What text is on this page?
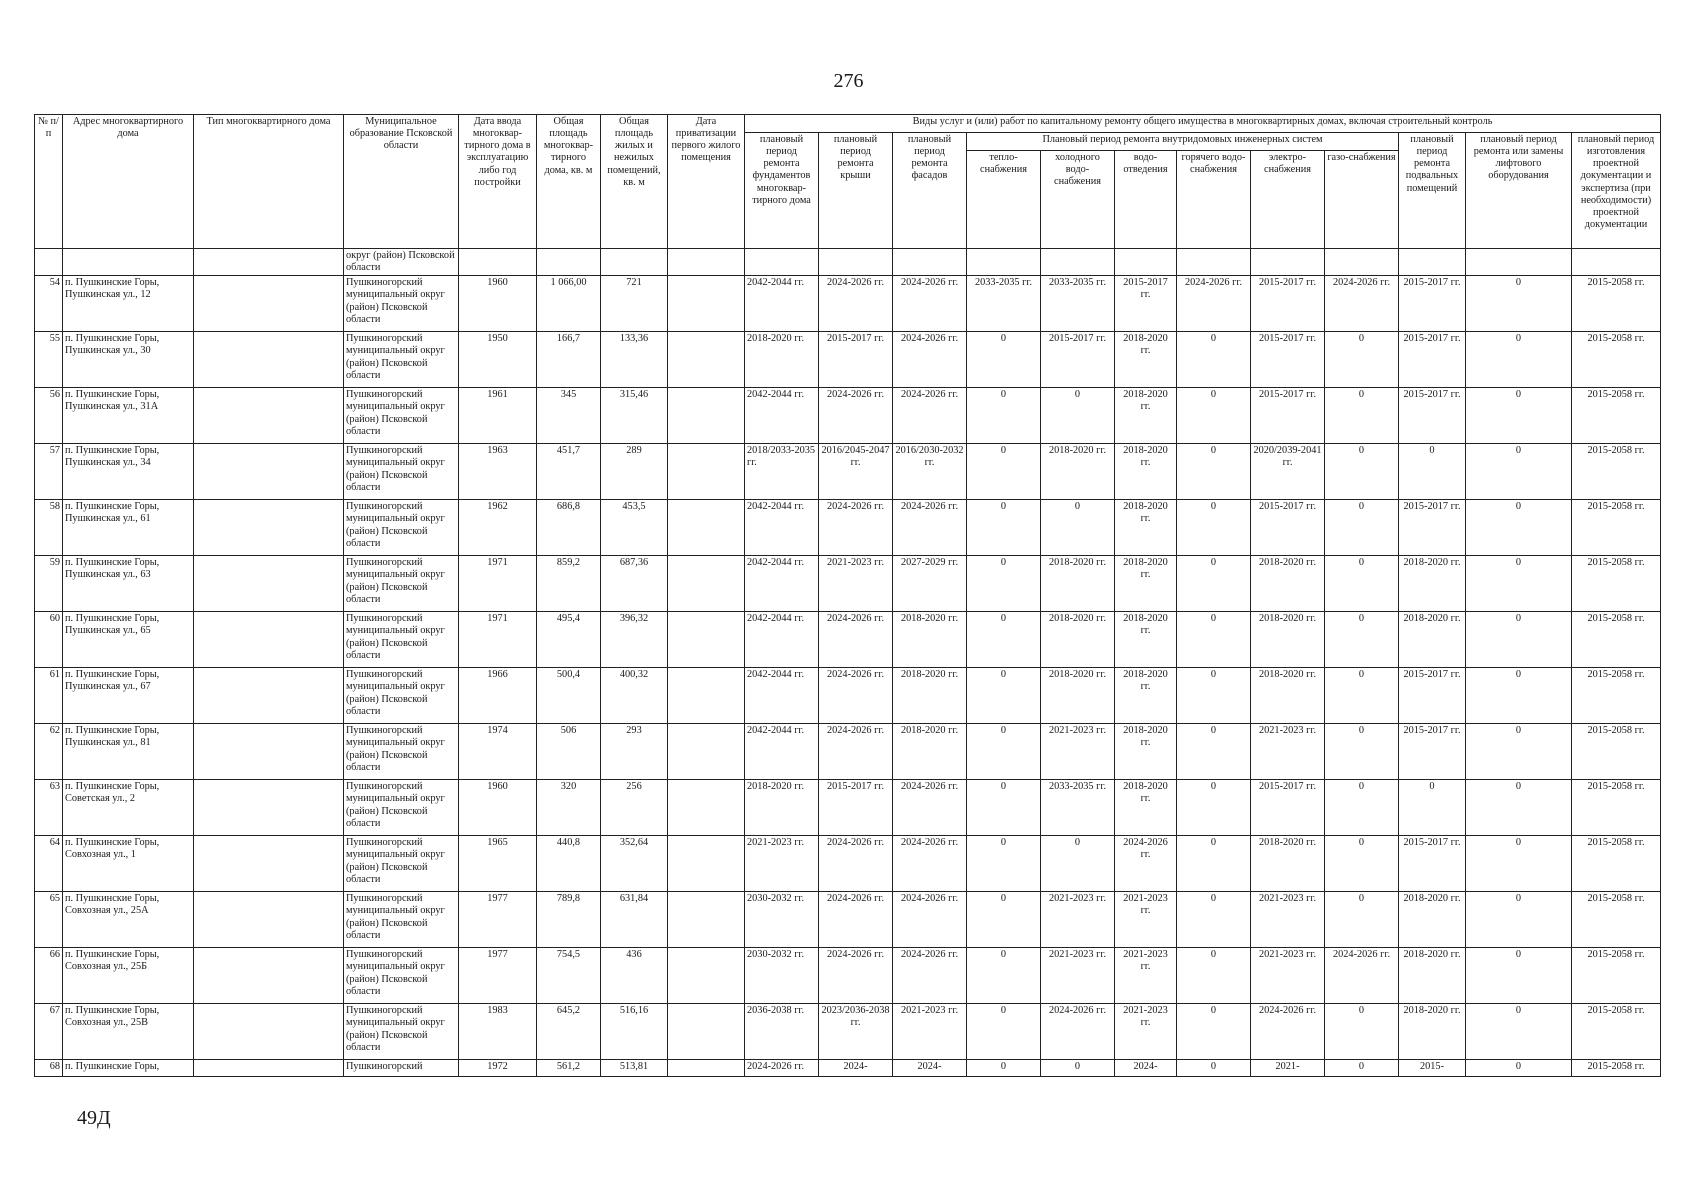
276
№ п/п	Адрес многоквартирного дома	Тип многоквартирного дома	Муниципальное образование Псковской области	Дата ввода многоквар-тирного дома в эксплуатацию либо год постройки	Общая площадь многоквар-тирного дома, кв. м	Общая площадь жилых и нежилых помещений, кв. м	Дата приватизации первого жилого помещения	Виды услуг и (или) работ по капитальному ремонту общего имущества в многоквартирных домах, включая строительный контроль											
								плановый период ремонта фундаментов многоквар-тирного дома	плановый период ремонта крыши	плановый период ремонта фасадов	Плановый период ремонта внутридомовых инженерных систем						плановый период ремонта подвальных помещений	плановый период ремонта или замены лифтового оборудования	плановый период изготовления проектной документации и экспертиза (при необходимости) проектной документации
											тепло-снабжения	холодного водо-снабжения	водо-отведения	горячего водо-снабжения	электро-снабжения	газо-снабжения			
			округ (район) Псковской области																
54	п. Пушкинские Горы, Пушкинская ул., 12		Пушкиногорский муниципальный округ (район) Псковской области	1960	1 066,00	721		2042-2044 гг.	2024-2026 гг.	2024-2026 гг.	2033-2035 гг.	2033-2035 гг.	2015-2017 гг.	2024-2026 гг.	2015-2017 гг.	2024-2026 гг.	2015-2017 гг.	0	2015-2058 гг.
55	п. Пушкинские Горы, Пушкинская ул., 30		Пушкиногорский муниципальный округ (район) Псковской области	1950	166,7	133,36		2018-2020 гг.	2015-2017 гг.	2024-2026 гг.	0	2015-2017 гг.	2018-2020 гг.	0	2015-2017 гг.	0	2015-2017 гг.	0	2015-2058 гг.
56	п. Пушкинские Горы, Пушкинская ул., 31А		Пушкиногорский муниципальный округ (район) Псковской области	1961	345	315,46		2042-2044 гг.	2024-2026 гг.	2024-2026 гг.	0	0	2018-2020 гг.	0	2015-2017 гг.	0	2015-2017 гг.	0	2015-2058 гг.
57	п. Пушкинские Горы, Пушкинская ул., 34		Пушкиногорский муниципальный округ (район) Псковской области	1963	451,7	289		2018/2033-2035 гг.	2016/2045-2047 гг.	2016/2030-2032 гг.	0	2018-2020 гг.	2018-2020 гг.	0	2020/2039-2041 гг.	0	0	0	2015-2058 гг.
58	п. Пушкинские Горы, Пушкинская ул., 61		Пушкиногорский муниципальный округ (район) Псковской области	1962	686,8	453,5		2042-2044 гг.	2024-2026 гг.	2024-2026 гг.	0	0	2018-2020 гг.	0	2015-2017 гг.	0	2015-2017 гг.	0	2015-2058 гг.
59	п. Пушкинские Горы, Пушкинская ул., 63		Пушкиногорский муниципальный округ (район) Псковской области	1971	859,2	687,36		2042-2044 гг.	2021-2023 гг.	2027-2029 гг.	0	2018-2020 гг.	2018-2020 гг.	0	2018-2020 гг.	0	2018-2020 гг.	0	2015-2058 гг.
60	п. Пушкинские Горы, Пушкинская ул., 65		Пушкиногорский муниципальный округ (район) Псковской области	1971	495,4	396,32		2042-2044 гг.	2024-2026 гг.	2018-2020 гг.	0	2018-2020 гг.	2018-2020 гг.	0	2018-2020 гг.	0	2018-2020 гг.	0	2015-2058 гг.
61	п. Пушкинские Горы, Пушкинская ул., 67		Пушкиногорский муниципальный округ (район) Псковской области	1966	500,4	400,32		2042-2044 гг.	2024-2026 гг.	2018-2020 гг.	0	2018-2020 гг.	2018-2020 гг.	0	2018-2020 гг.	0	2015-2017 гг.	0	2015-2058 гг.
62	п. Пушкинские Горы, Пушкинская ул., 81		Пушкиногорский муниципальный округ (район) Псковской области	1974	506	293		2042-2044 гг.	2024-2026 гг.	2018-2020 гг.	0	2021-2023 гг.	2018-2020 гг.	0	2021-2023 гг.	0	2015-2017 гг.	0	2015-2058 гг.
63	п. Пушкинские Горы, Советская ул., 2		Пушкиногорский муниципальный округ (район) Псковской области	1960	320	256		2018-2020 гг.	2015-2017 гг.	2024-2026 гг.	0	2033-2035 гг.	2018-2020 гг.	0	2015-2017 гг.	0	0	0	2015-2058 гг.
64	п. Пушкинские Горы, Совхозная ул., 1		Пушкиногорский муниципальный округ (район) Псковской области	1965	440,8	352,64		2021-2023 гг.	2024-2026 гг.	2024-2026 гг.	0	0	2024-2026 гг.	0	2018-2020 гг.	0	2015-2017 гг.	0	2015-2058 гг.
65	п. Пушкинские Горы, Совхозная ул., 25А		Пушкиногорский муниципальный округ (район) Псковской области	1977	789,8	631,84		2030-2032 гг.	2024-2026 гг.	2024-2026 гг.	0	2021-2023 гг.	2021-2023 гг.	0	2021-2023 гг.	0	2018-2020 гг.	0	2015-2058 гг.
66	п. Пушкинские Горы, Совхозная ул., 25Б		Пушкиногорский муниципальный округ (район) Псковской области	1977	754,5	436		2030-2032 гг.	2024-2026 гг.	2024-2026 гг.	0	2021-2023 гг.	2021-2023 гг.	0	2021-2023 гг.	2024-2026 гг.	2018-2020 гг.	0	2015-2058 гг.
67	п. Пушкинские Горы, Совхозная ул., 25В		Пушкиногорский муниципальный округ (район) Псковской области	1983	645,2	516,16		2036-2038 гг.	2023/2036-2038 гг.	2021-2023 гг.	0	2024-2026 гг.	2021-2023 гг.	0	2024-2026 гг.	0	2018-2020 гг.	0	2015-2058 гг.
68	п. Пушкинские Горы,		Пушкиногорский	1972	561,2	513,81		2024-2026 гг.	2024-	2024-	0	0	2024-	0	2021-	0	2015-	0	2015-2058 гг.
49Д
